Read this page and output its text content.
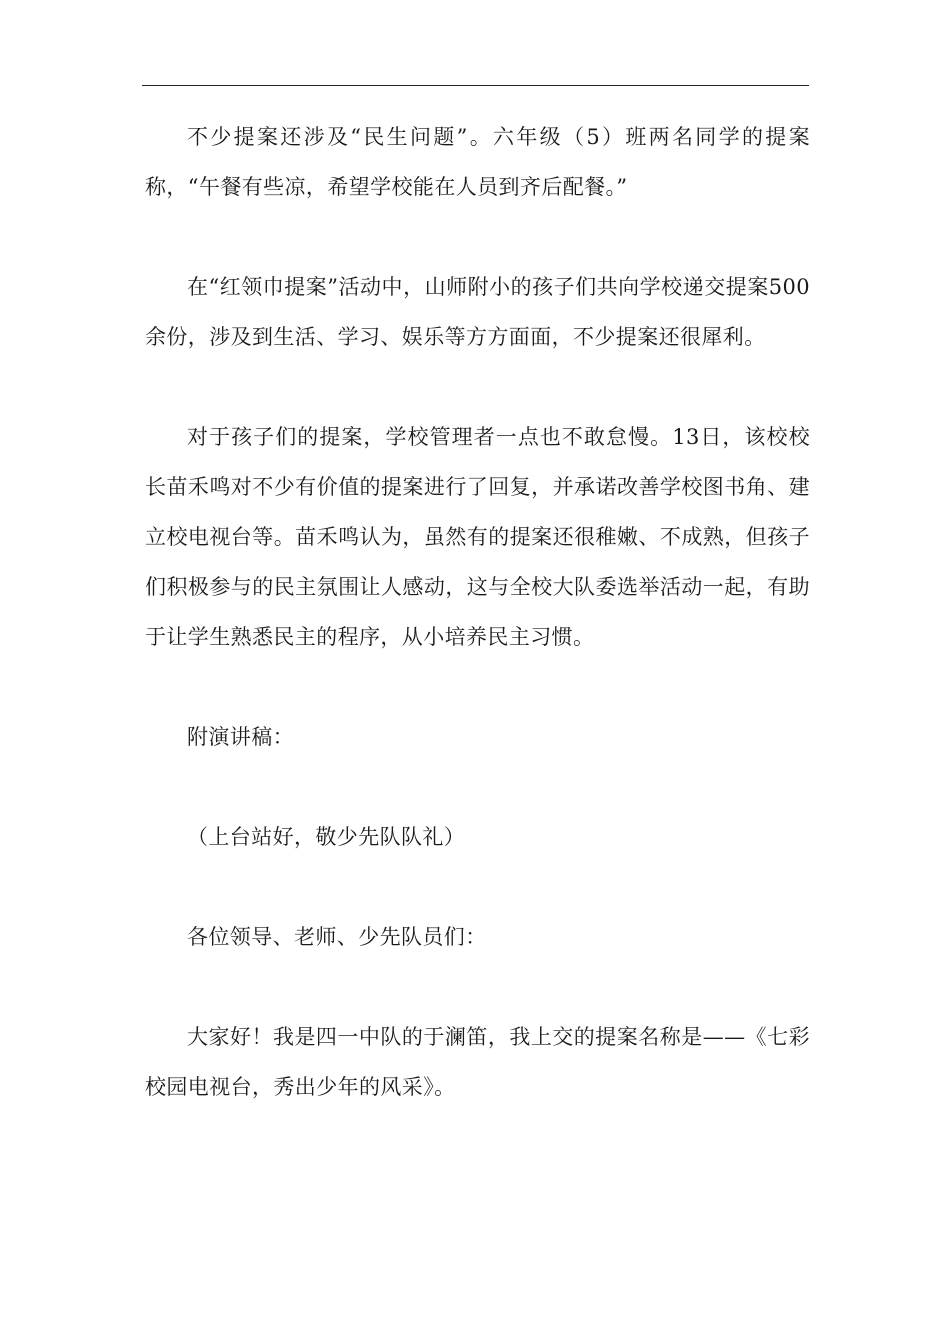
不少提案还涉及“民生问题”。六年级（5）班两名同学的提案称，“午餐有些凉，希望学校能在人员到齐后配餐。”

在“红领巾提案”活动中，山师附小的孩子们共向学校递交提案500余份，涉及到生活、学习、娱乐等方方面面，不少提案还很犀利。

对于孩子们的提案，学校管理者一点也不敢怠慢。13日，该校校长苗禾鸣对不少有价值的提案进行了回复，并承诺改善学校图书角、建立校电视台等。苗禾鸣认为，虽然有的提案还很稚嫩、不成熟，但孩子们积极参与的民主氛围让人感动，这与全校大队委选举活动一起，有助于让学生熟悉民主的程序，从小培养民主习惯。

附演讲稿：

（上台站好，敬少先队队礼）

各位领导、老师、少先队员们：

大家好！我是四一中队的于澜笛，我上交的提案名称是——《七彩校园电视台，秀出少年的风采》。
